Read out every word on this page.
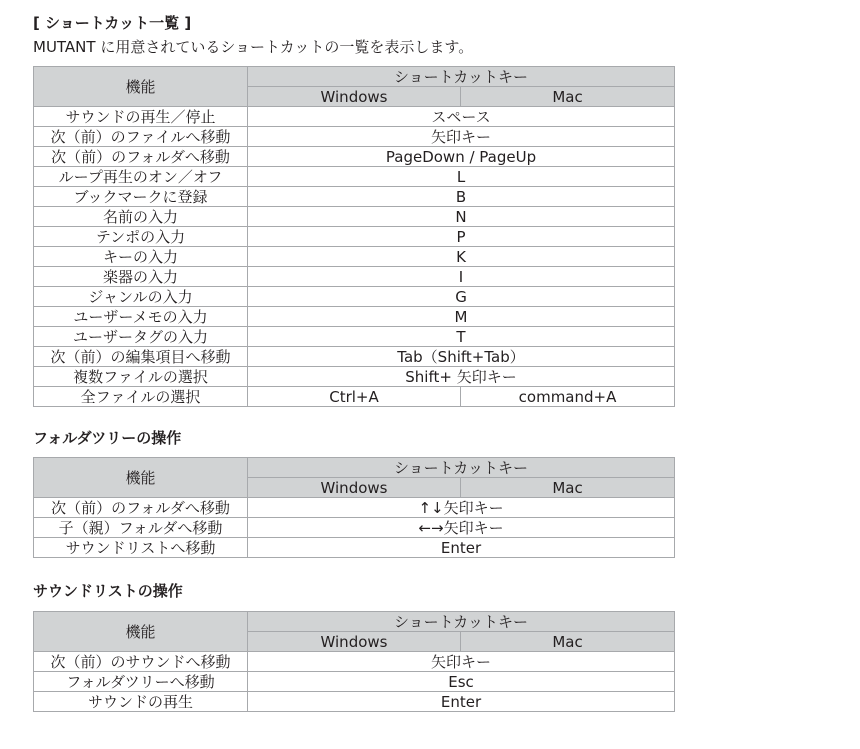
[ ショートカット一覧 ]

MUTANT に用意されているショートカットの一覧を表示します。

機能	ショートカットキー	
	Windows	Mac
サウンドの再生／停止	スペース	
次（前）のファイルへ移動	矢印キー	
次（前）のフォルダへ移動	PageDown / PageUp	
ループ再生のオン／オフ	L	
ブックマークに登録	B	
名前の入力	N	
テンポの入力	P	
キーの入力	K	
楽器の入力	I	
ジャンルの入力	G	
ユーザーメモの入力	M	
ユーザータグの入力	T	
次（前）の編集項目へ移動	Tab（Shift+Tab）	
複数ファイルの選択	Shift+ 矢印キー	
全ファイルの選択	Ctrl+A	command+A
フォルダツリーの操作
機能	ショートカットキー	
	Windows	Mac
次（前）のフォルダへ移動	↑↓矢印キー	
子（親）フォルダへ移動	←→矢印キー	
サウンドリストへ移動	Enter	
サウンドリストの操作
機能	ショートカットキー	
	Windows	Mac
次（前）のサウンドへ移動	矢印キー	
フォルダツリーへ移動	Esc	
サウンドの再生	Enter	
